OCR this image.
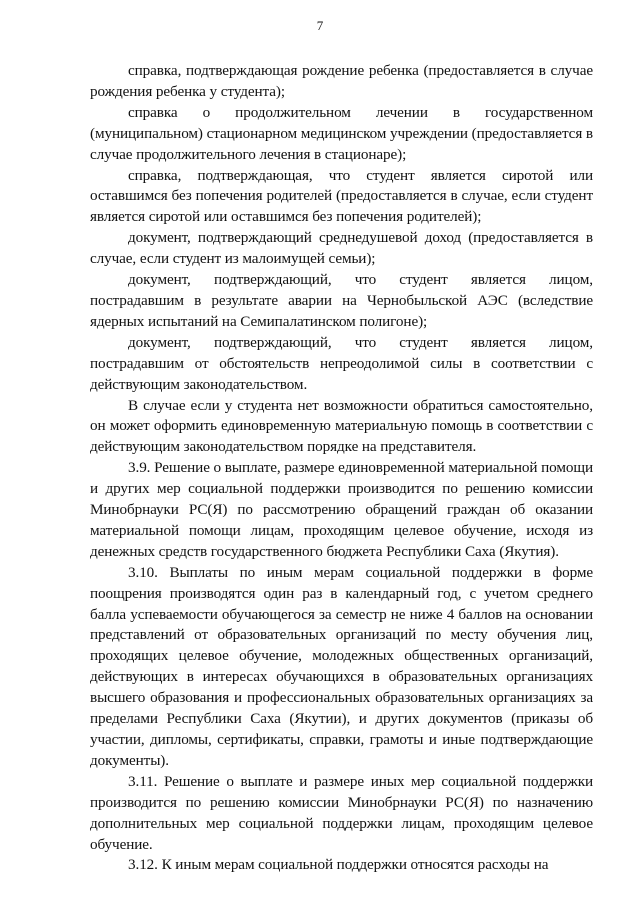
7

справка, подтверждающая рождение ребенка (предоставляется в случае рождения ребенка у студента);

справка о продолжительном лечении в государственном (муниципальном) стационарном медицинском учреждении (предоставляется в случае продолжительного лечения в стационаре);

справка, подтверждающая, что студент является сиротой или оставшимся без попечения родителей (предоставляется в случае, если студент является сиротой или оставшимся без попечения родителей);

документ, подтверждающий среднедушевой доход (предоставляется в случае, если студент из малоимущей семьи);

документ, подтверждающий, что студент является лицом, пострадавшим в результате аварии на Чернобыльской АЭС (вследствие ядерных испытаний на Семипалатинском полигоне);

документ, подтверждающий, что студент является лицом, пострадавшим от обстоятельств непреодолимой силы в соответствии с действующим законодательством.

В случае если у студента нет возможности обратиться самостоятельно, он может оформить единовременную материальную помощь в соответствии с действующим законодательством порядке на представителя.

3.9. Решение о выплате, размере единовременной материальной помощи и других мер социальной поддержки производится по решению комиссии Минобрнауки РС(Я) по рассмотрению обращений граждан об оказании материальной помощи лицам, проходящим целевое обучение, исходя из денежных средств государственного бюджета Республики Саха (Якутия).

3.10. Выплаты по иным мерам социальной поддержки в форме поощрения производятся один раз в календарный год, с учетом среднего балла успеваемости обучающегося за семестр не ниже 4 баллов на основании представлений от образовательных организаций по месту обучения лиц, проходящих целевое обучение, молодежных общественных организаций, действующих в интересах обучающихся в образовательных организациях высшего образования и профессиональных образовательных организациях за пределами Республики Саха (Якутии), и других документов (приказы об участии, дипломы, сертификаты, справки, грамоты и иные подтверждающие документы).

3.11. Решение о выплате и размере иных мер социальной поддержки производится по решению комиссии Минобрнауки РС(Я) по назначению дополнительных мер социальной поддержки лицам, проходящим целевое обучение.

3.12. К иным мерам социальной поддержки относятся расходы на
